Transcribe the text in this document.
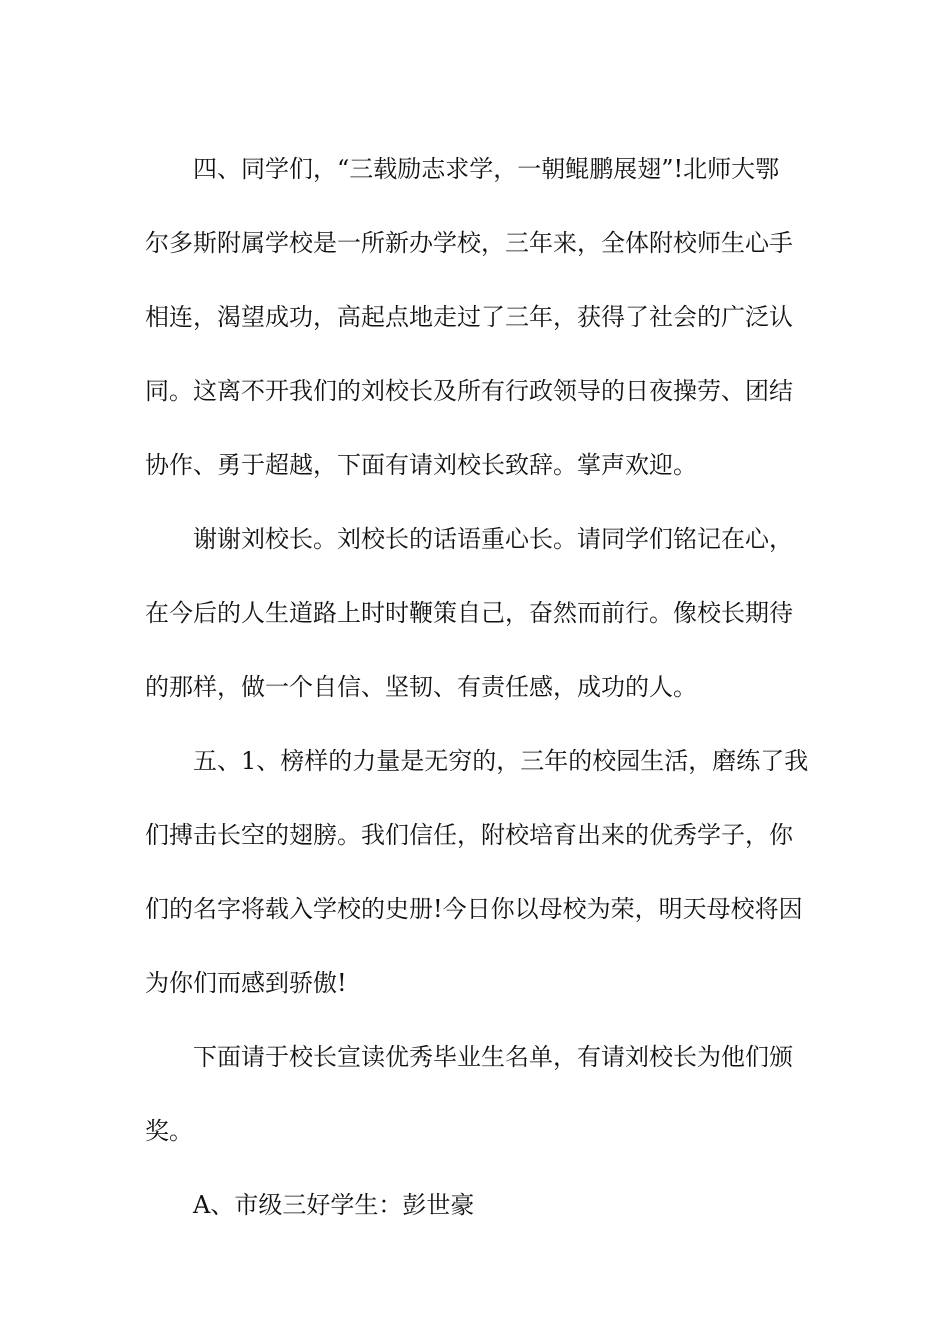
四、同学们，“三载励志求学，一朝鲲鹏展翅”!北师大鄂
尔多斯附属学校是一所新办学校，三年来，全体附校师生心手
相连，渴望成功，高起点地走过了三年，获得了社会的广泛认
同。这离不开我们的刘校长及所有行政领导的日夜操劳、团结
协作、勇于超越，下面有请刘校长致辞。掌声欢迎。
谢谢刘校长。刘校长的话语重心长。请同学们铭记在心，
在今后的人生道路上时时鞭策自己，奋然而前行。像校长期待
的那样，做一个自信、坚韧、有责任感，成功的人。
五、1、榜样的力量是无穷的，三年的校园生活，磨练了我
们搏击长空的翅膀。我们信任，附校培育出来的优秀学子，你
们的名字将载入学校的史册!今日你以母校为荣，明天母校将因
为你们而感到骄傲!
下面请于校长宣读优秀毕业生名单，有请刘校长为他们颁
奖。
A、市级三好学生：彭世豪
